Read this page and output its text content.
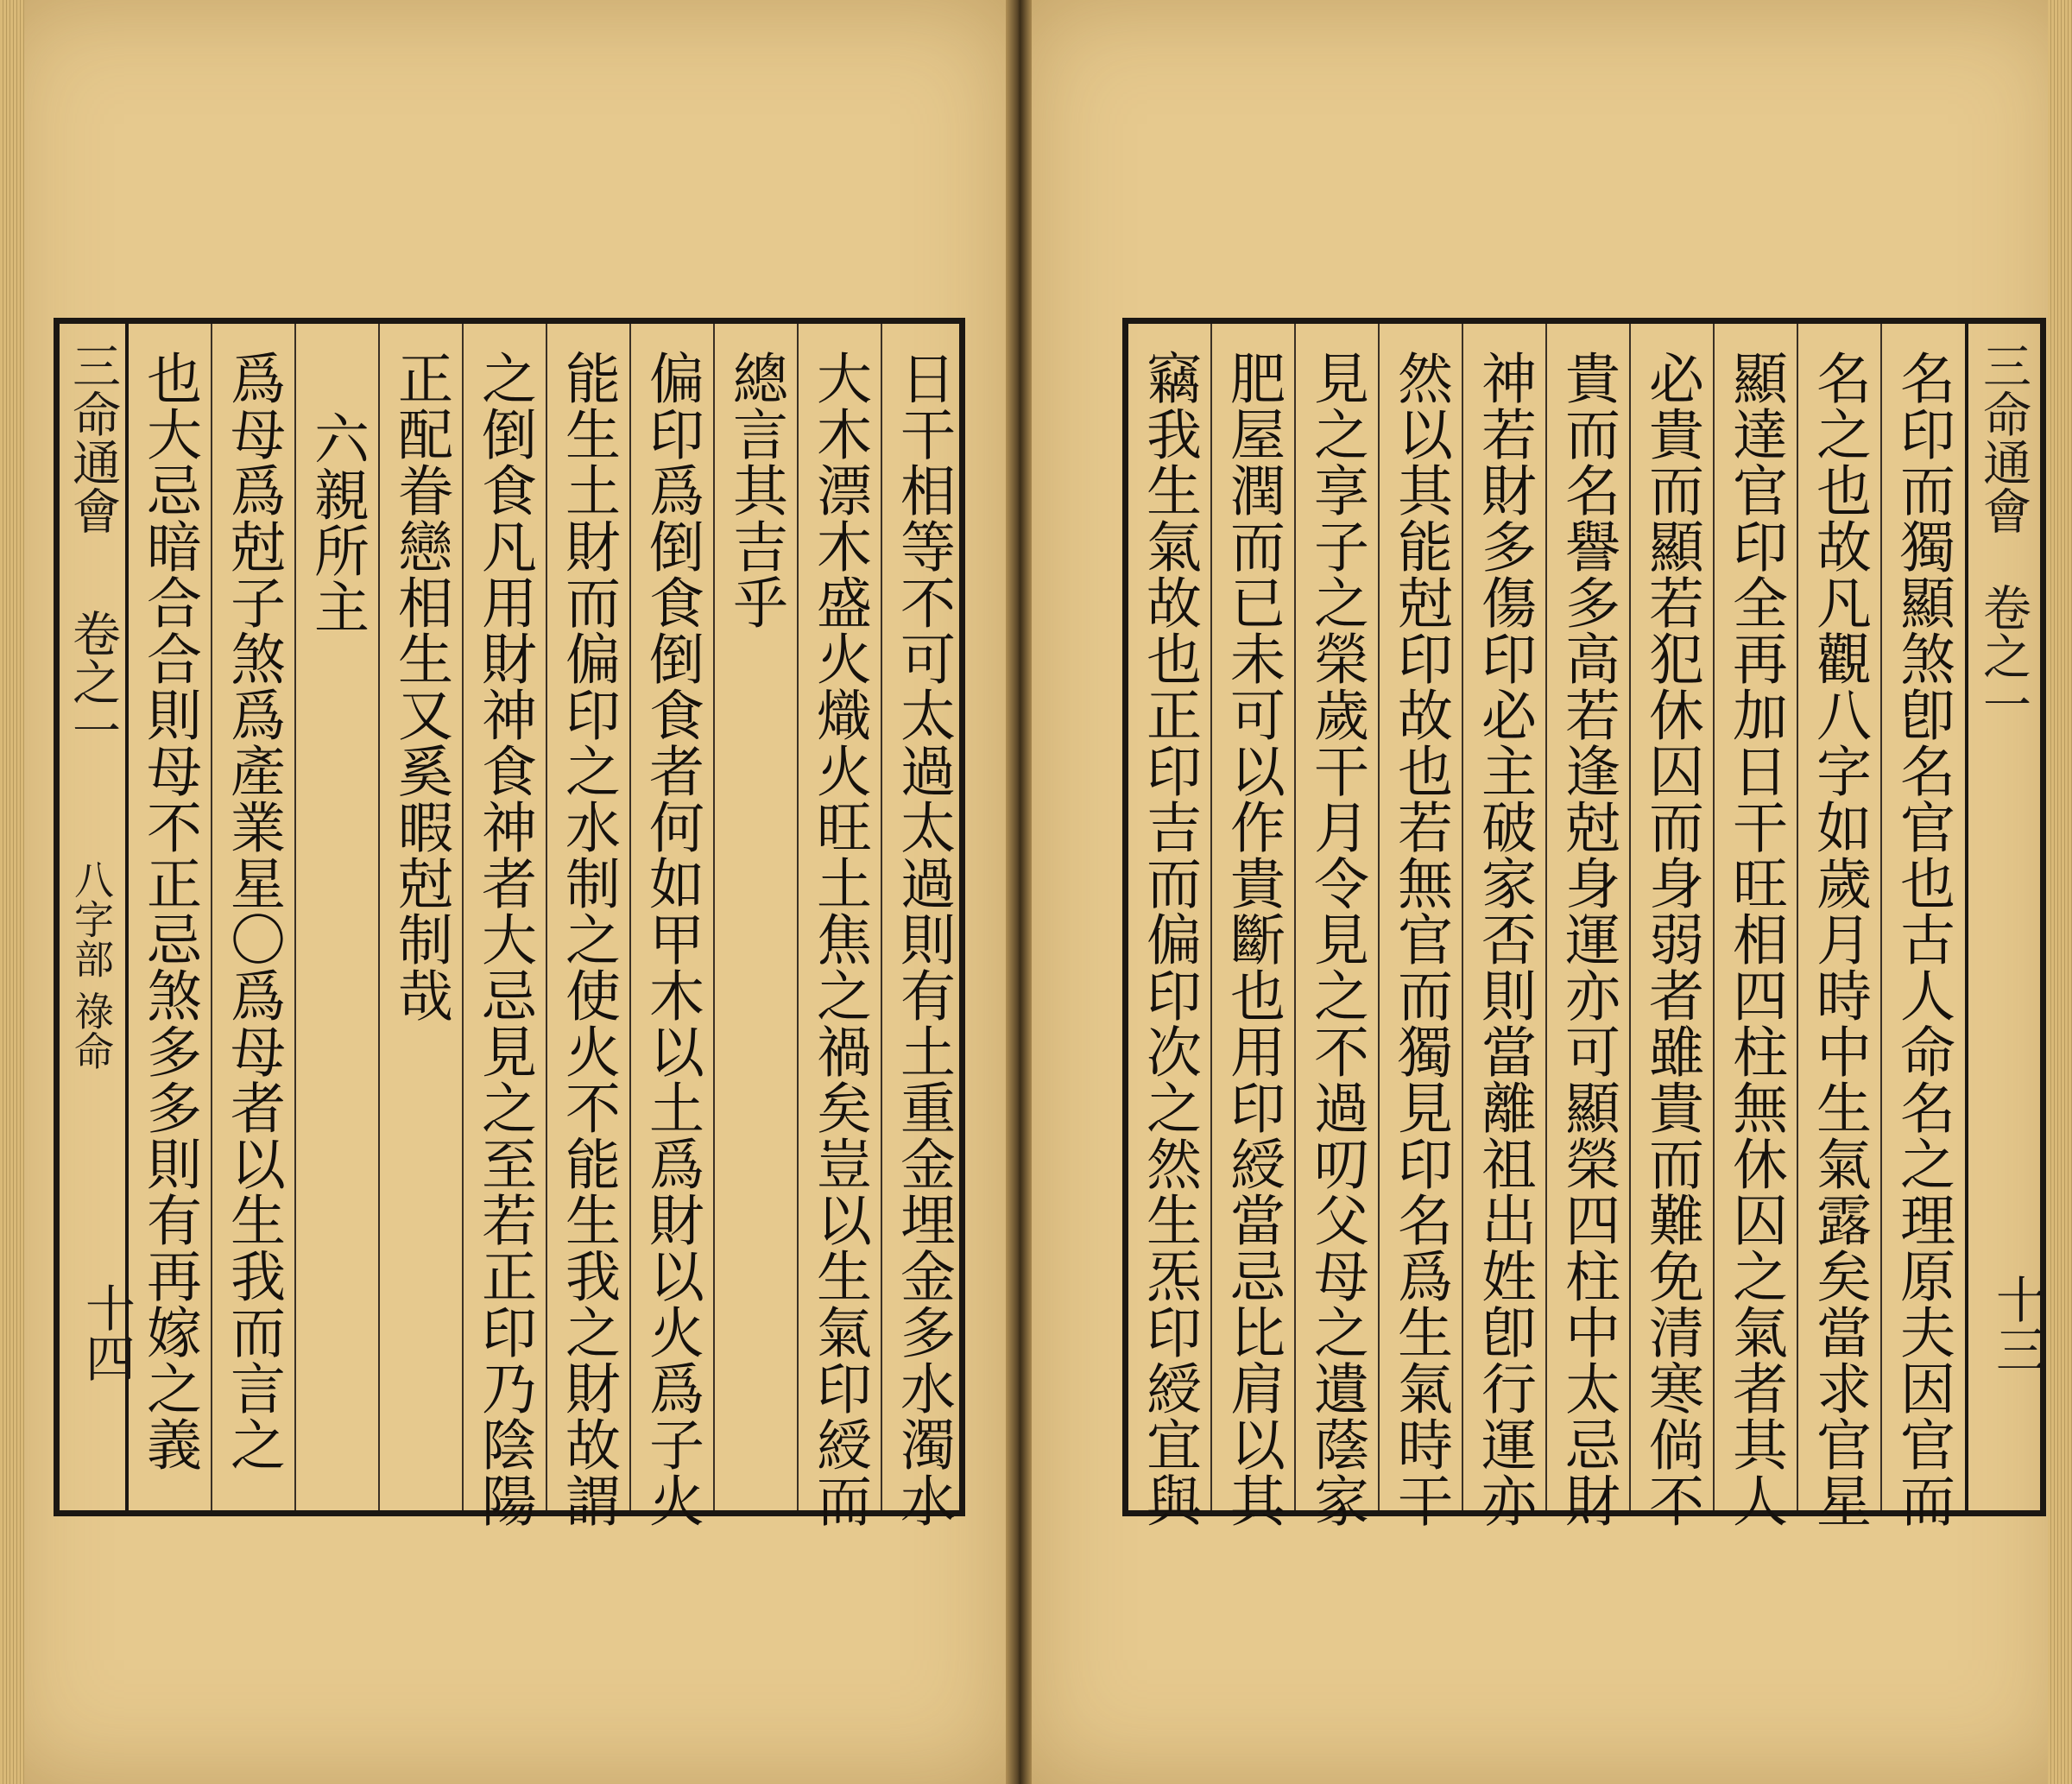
三命通會
卷之一
八字部 祿命
十四	日干相等不可太過太過則有土重金埋金多水濁水
大木漂木盛火熾火旺土焦之禍矣豈以生氣印綬而
總言其吉乎
偏印爲倒食倒食者何如甲木以土爲財以火爲子火
能生土財而偏印之水制之使火不能生我之財故謂
之倒食凡用財神食神者大忌見之至若正印乃陰陽
正配眷戀相生又奚暇尅制哉
六親所主
爲母爲尅子煞爲產業星〇爲母者以生我而言之
也大忌暗合合則母不正忌煞多多則有再嫁之義	三命通會
卷之一
十三
名印而獨顯煞卽名官也古人命名之理原夫因官而
名之也故凡觀八字如歲月時中生氣露矣當求官星
顯達官印全再加日干旺相四柱無休囚之氣者其人
必貴而顯若犯休囚而身弱者雖貴而難免清寒倘不
貴而名譽多高若逢尅身運亦可顯榮四柱中太忌財
神若財多傷印必主破家否則當離祖出姓卽行運亦
然以其能尅印故也若無官而獨見印名爲生氣時干
見之享子之榮歲干月令見之不過叨父母之遺蔭家
肥屋潤而已未可以作貴斷也用印綬當忌比肩以其
竊我生氣故也正印吉而偏印次之然生炁印綬宜與
